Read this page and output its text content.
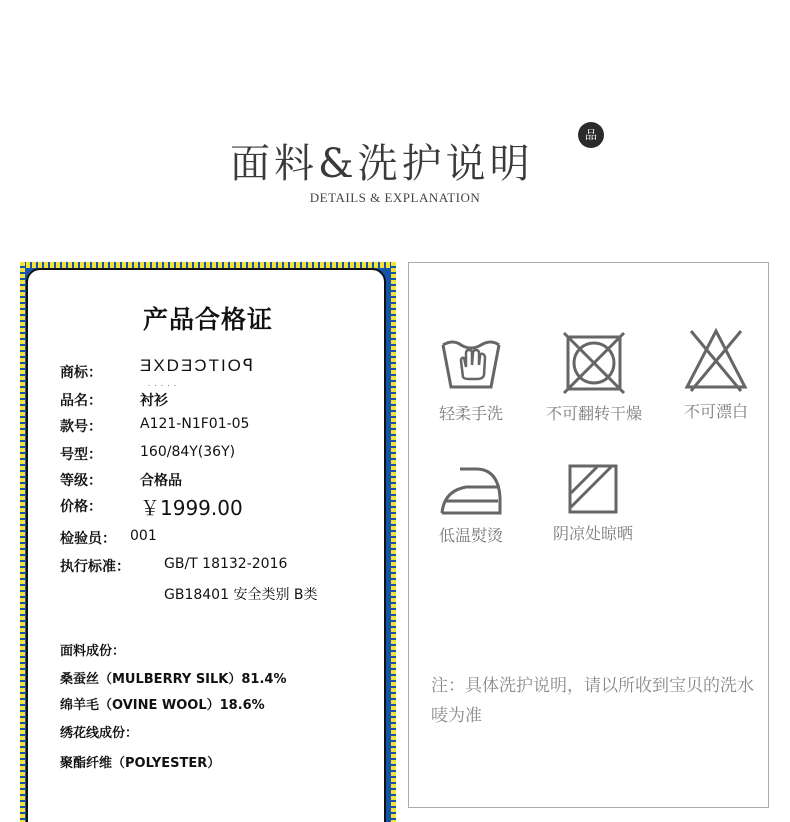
面料&洗护说明
品
DETAILS & EXPLANATION
产品合格证
商标： ƎXDƎƆTIOꟼ
· · · · ·
品名：	衬衫
款号：	A121-N1F01-05
号型：	160/84Y(36Y)
等级：	合格品
价格： ￥1999.00
检验员： 001
执行标准： GB/T 18132-2016
GB18401 安全类别 B类
面料成份：
桑蚕丝（MULBERRY SILK）81.4%
绵羊毛（OVINE WOOL）18.6%
绣花线成份：
聚酯纤维（POLYESTER）
轻柔手洗	不可翻转干燥	不可漂白
低温熨烫	阴凉处晾晒
注：具体洗护说明，请以所收到宝贝的洗水唛为准
